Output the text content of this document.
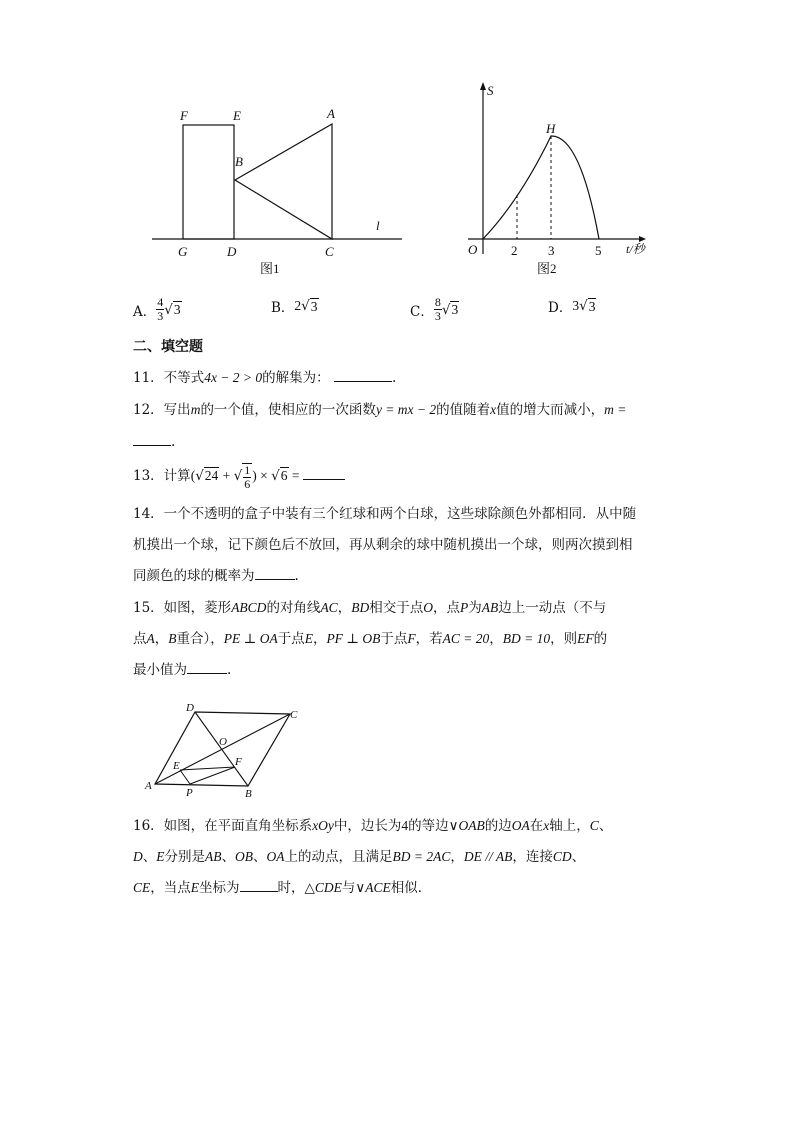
F	E	A
B
G	D	C
l
图1
S
H
O	2 3	5 t/秒
图2
A． $\frac{4}{3}$ √ 3	B． 2 √ 3	C． $\frac{8}{3}$ √ 3	D． 3 √ 3
二、填空题
11．不等式4x − 2 > 0的解集为：	.
12．写出m的一个值，使相应的一次函数y = mx − 2的值随着x值的增大而减小，m =
.
13．计算(√24 + √ $\frac{1}{6}$ ) × √6 =
14．一个不透明的盒子中装有三个红球和两个白球，这些球除颜色外都相同．从中随
机摸出一个球，记下颜色后不放回，再从剩余的球中随机摸出一个球，则两次摸到相
同颜色的球的概率为	.
15．如图，菱形ABCD的对角线AC，BD相交于点O，点P为AB边上一动点（不与
点A，B重合），PE ⊥ OA于点E，PF ⊥ OB于点F，若AC = 20，BD = 10，则EF的
最小值为	.
D
C
O
E	F
A
P	B
16．如图，在平面直角坐标系xOy中，边长为4的等边∨OAB的边OA在x轴上，C、
D、E分别是AB、OB、OA上的动点，且满足BD = 2AC，DE // AB，连接CD、
CE，当点E坐标为	时，△CDE与∨ACE相似．
